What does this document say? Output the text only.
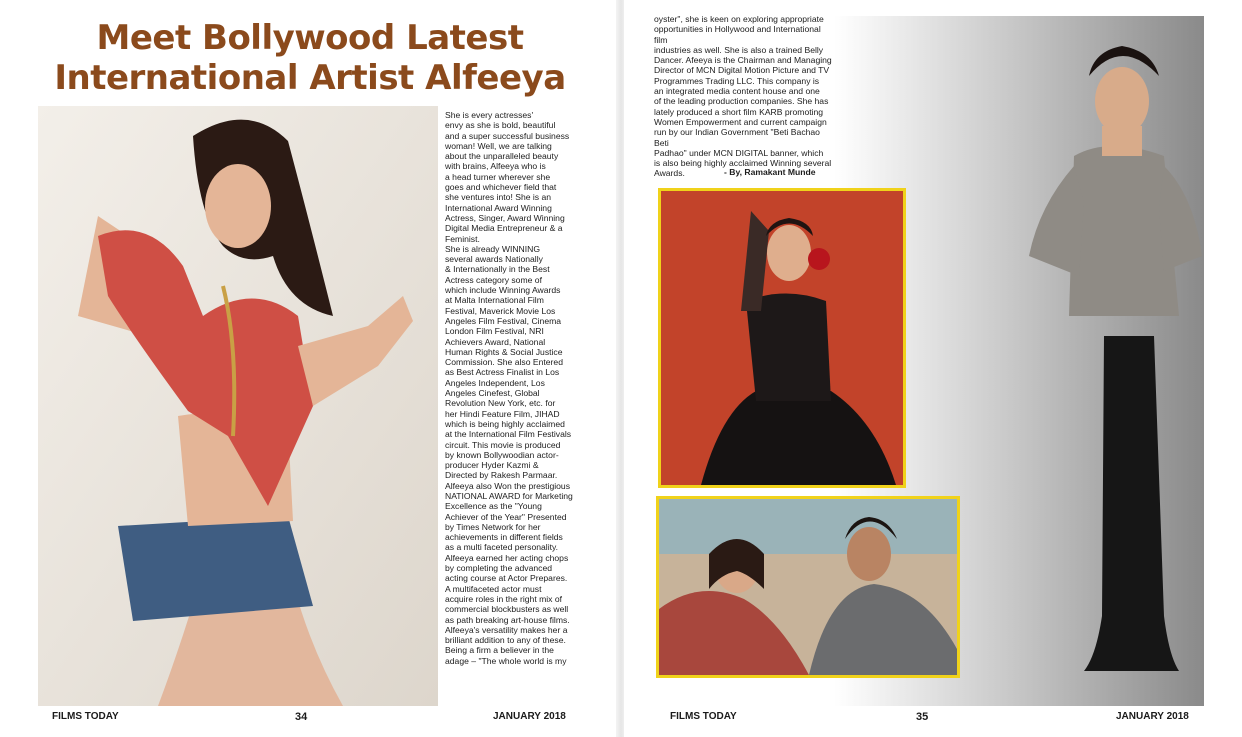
Meet Bollywood Latest International Artist Alfeeya
She is every actresses'
envy as she is bold, beautiful
and a super successful business
woman! Well, we are talking
about the unparalleled beauty
with brains, Alfeeya who is
a head turner wherever she
goes and whichever field that
she ventures into! She is an
International Award Winning
Actress, Singer, Award Winning
Digital Media Entrepreneur & a
Feminist.
She is already WINNING
several awards Nationally
& Internationally in the Best
Actress category some of
which include Winning Awards
at Malta International Film
Festival, Maverick Movie Los
Angeles Film Festival, Cinema
London Film Festival, NRI
Achievers Award, National
Human Rights & Social Justice
Commission. She also Entered
as Best Actress Finalist in Los
Angeles Independent, Los
Angeles Cinefest, Global
Revolution New York, etc. for
her Hindi Feature Film, JIHAD
which is being highly acclaimed
at the International Film Festivals
circuit. This movie is produced
by known Bollywoodian actor-
producer Hyder Kazmi &
Directed by Rakesh Parmaar.
Alfeeya also Won the prestigious
NATIONAL AWARD for Marketing
Excellence as the "Young
Achiever of the Year" Presented
by Times Network for her
achievements in different fields
as a multi faceted personality.
Alfeeya earned her acting chops
by completing the advanced
acting course at Actor Prepares.
A multifaceted actor must
acquire roles in the right mix of
commercial blockbusters as well
as path breaking art-house films.
Alfeeya's versatility makes her a
brilliant addition to any of these.
Being a firm a believer in the
adage – "The whole world is my
FILMS TODAY	34	JANUARY 2018
oyster", she is keen on exploring appropriate
opportunities in Hollywood and International film
industries as well. She is also a trained Belly
Dancer. Afeeya is the Chairman and Managing
Director of MCN Digital Motion Picture and TV
Programmes Trading LLC. This company is
an integrated media content house and one
of the leading production companies. She has
lately produced a short film KARB promoting
Women Empowerment and current campaign
run by our Indian Government "Beti Bachao Beti
Padhao" under MCN DIGITAL banner, which
is also being highly acclaimed Winning several
Awards.	- By, Ramakant Munde
FILMS TODAY	35	JANUARY 2018
